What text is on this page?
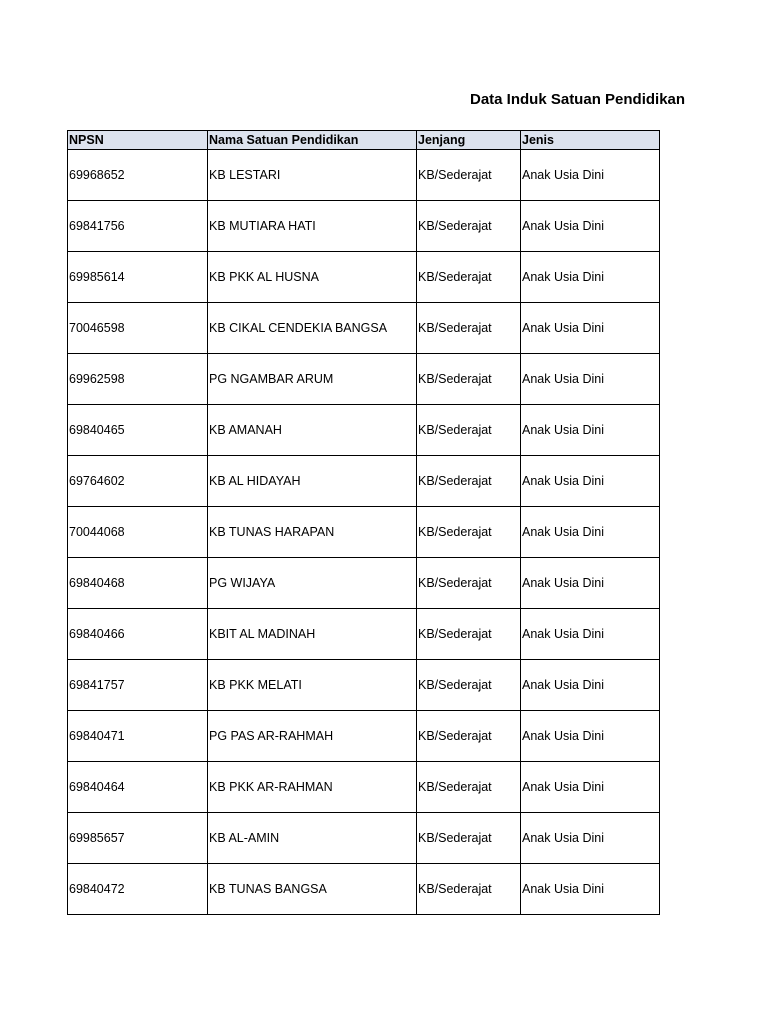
Data Induk Satuan Pendidikan
NPSN	Nama Satuan Pendidikan	Jenjang	Jenis
69968652	KB LESTARI	KB/Sederajat	Anak Usia Dini
69841756	KB MUTIARA HATI	KB/Sederajat	Anak Usia Dini
69985614	KB PKK AL HUSNA	KB/Sederajat	Anak Usia Dini
70046598	KB CIKAL CENDEKIA BANGSA	KB/Sederajat	Anak Usia Dini
69962598	PG NGAMBAR ARUM	KB/Sederajat	Anak Usia Dini
69840465	KB AMANAH	KB/Sederajat	Anak Usia Dini
69764602	KB AL HIDAYAH	KB/Sederajat	Anak Usia Dini
70044068	KB TUNAS HARAPAN	KB/Sederajat	Anak Usia Dini
69840468	PG WIJAYA	KB/Sederajat	Anak Usia Dini
69840466	KBIT AL MADINAH	KB/Sederajat	Anak Usia Dini
69841757	KB PKK MELATI	KB/Sederajat	Anak Usia Dini
69840471	PG PAS AR-RAHMAH	KB/Sederajat	Anak Usia Dini
69840464	KB PKK AR-RAHMAN	KB/Sederajat	Anak Usia Dini
69985657	KB AL-AMIN	KB/Sederajat	Anak Usia Dini
69840472	KB TUNAS BANGSA	KB/Sederajat	Anak Usia Dini
